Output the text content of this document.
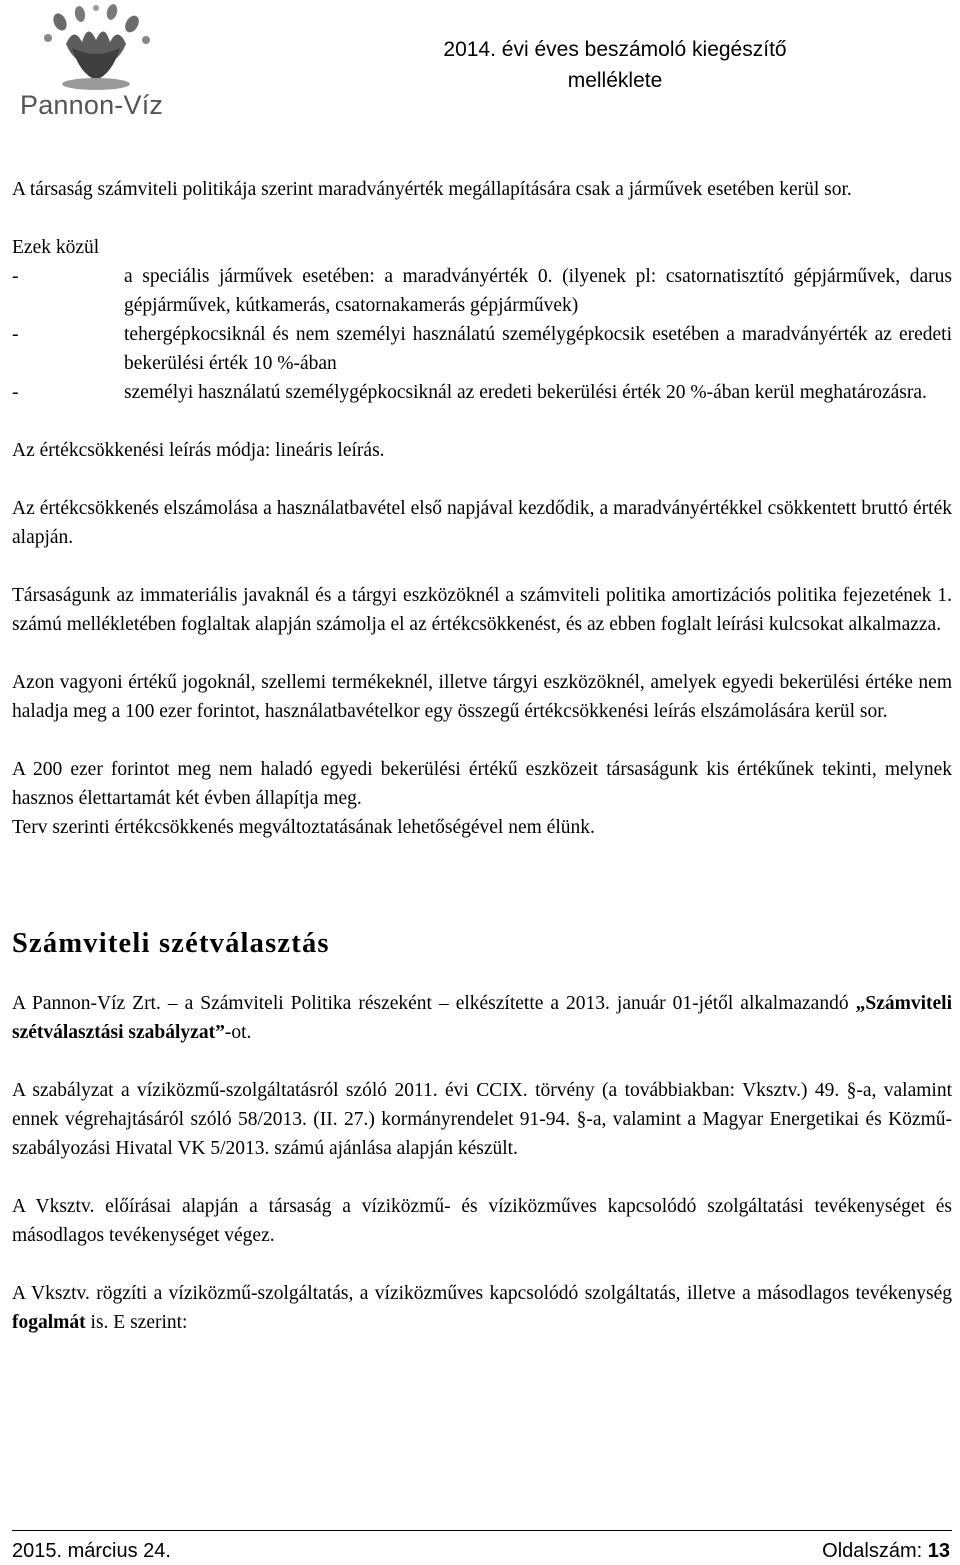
Pannon-Víz
2014. évi éves beszámoló kiegészítő
melléklete

A társaság számviteli politikája szerint maradványérték megállapítására csak a járművek esetében kerül sor.

Ezek közül

- a speciális járművek esetében: a maradványérték 0. (ilyenek pl: csatornatisztító gépjárművek, darus gépjárművek, kútkamerás, csatornakamerás gépjárművek)
- tehergépkocsiknál és nem személyi használatú személygépkocsik esetében a maradványérték az eredeti bekerülési érték 10 %-ában
- személyi használatú személygépkocsiknál az eredeti bekerülési érték 20 %-ában kerül meghatározásra.

Az értékcsökkenési leírás módja: lineáris leírás.

Az értékcsökkenés elszámolása a használatbavétel első napjával kezdődik, a maradványértékkel csökkentett bruttó érték alapján.

Társaságunk az immateriális javaknál és a tárgyi eszközöknél a számviteli politika amortizációs politika fejezetének 1. számú mellékletében foglaltak alapján számolja el az értékcsökkenést, és az ebben foglalt leírási kulcsokat alkalmazza.

Azon vagyoni értékű jogoknál, szellemi termékeknél, illetve tárgyi eszközöknél, amelyek egyedi bekerülési értéke nem haladja meg a 100 ezer forintot, használatbavételkor egy összegű értékcsökkenési leírás elszámolására kerül sor.

A 200 ezer forintot meg nem haladó egyedi bekerülési értékű eszközeit társaságunk kis értékűnek tekinti, melynek hasznos élettartamát két évben állapítja meg.

Terv szerinti értékcsökkenés megváltoztatásának lehetőségével nem élünk.

Számviteli szétválasztás

A Pannon-Víz Zrt. – a Számviteli Politika részeként – elkészítette a 2013. január 01-jétől alkalmazandó „Számviteli szétválasztási szabályzat”-ot.

A szabályzat a víziközmű-szolgáltatásról szóló 2011. évi CCIX. törvény (a továbbiakban: Vksztv.) 49. §-a, valamint ennek végrehajtásáról szóló 58/2013. (II. 27.) kormányrendelet 91-94. §-a, valamint a Magyar Energetikai és Közmű-szabályozási Hivatal VK 5/2013. számú ajánlása alapján készült.

A Vksztv. előírásai alapján a társaság a víziközmű- és víziközműves kapcsolódó szolgáltatási tevékenységet és másodlagos tevékenységet végez.

A Vksztv. rögzíti a víziközmű-szolgáltatás, a víziközműves kapcsolódó szolgáltatás, illetve a másodlagos tevékenység fogalmát is. E szerint:

2015. március 24.	Oldalszám: 13
